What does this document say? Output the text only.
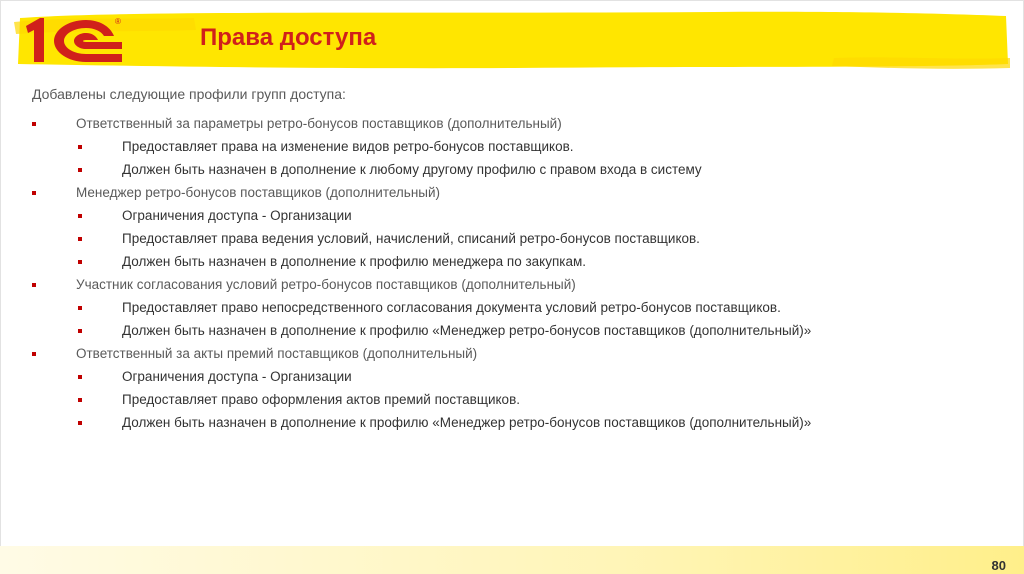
®
Права доступа
Добавлены следующие профили групп доступа:
Ответственный за параметры ретро-бонусов поставщиков (дополнительный)
Предоставляет права на изменение видов ретро-бонусов поставщиков.
Должен быть назначен в дополнение к любому другому профилю с правом входа в систему
Менеджер ретро-бонусов поставщиков (дополнительный)
Ограничения доступа - Организации
Предоставляет права ведения условий, начислений, списаний ретро-бонусов поставщиков.
Должен быть назначен в дополнение к профилю менеджера по закупкам.
Участник согласования условий ретро-бонусов поставщиков (дополнительный)
Предоставляет право непосредственного согласования документа условий ретро-бонусов поставщиков.
Должен быть назначен в дополнение к профилю «Менеджер ретро-бонусов поставщиков (дополнительный)»
Ответственный за акты премий поставщиков (дополнительный)
Ограничения доступа - Организации
Предоставляет право оформления актов премий поставщиков.
Должен быть назначен в дополнение к профилю «Менеджер ретро-бонусов поставщиков (дополнительный)»
80
